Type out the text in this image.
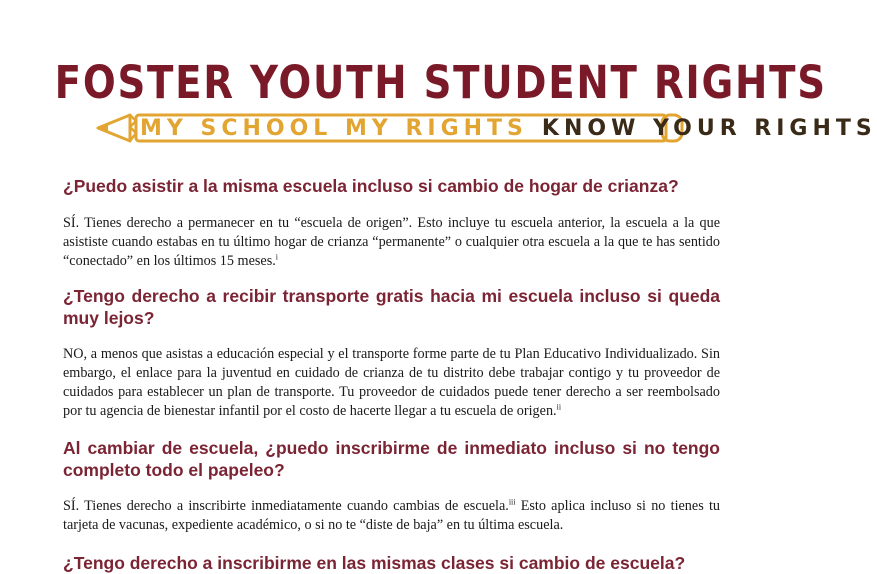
FOSTER YOUTH STUDENT RIGHTS
MY SCHOOL MY RIGHTS KNOW YOUR RIGHTS
¿Puedo asistir a la misma escuela incluso si cambio de hogar de crianza?

SÍ. Tienes derecho a permanecer en tu “escuela de origen”. Esto incluye tu escuela anterior, la escuela a la que asististe cuando estabas en tu último hogar de crianza “permanente” o cualquier otra escuela a la que te has sentido “conectado” en los últimos 15 meses.$^i$

¿Tengo derecho a recibir transporte gratis hacia mi escuela incluso si queda muy lejos?

NO, a menos que asistas a educación especial y el transporte forme parte de tu Plan Educativo Individualizado. Sin embargo, el enlace para la juventud en cuidado de crianza de tu distrito debe trabajar contigo y tu proveedor de cuidados para establecer un plan de transporte. Tu proveedor de cuidados puede tener derecho a ser reembolsado por tu agencia de bienestar infantil por el costo de hacerte llegar a tu escuela de origen.$^{ii}$

Al cambiar de escuela, ¿puedo inscribirme de inmediato incluso si no tengo completo todo el papeleo?

SÍ. Tienes derecho a inscribirte inmediatamente cuando cambias de escuela.$^{iii}$ Esto aplica incluso si no tienes tu tarjeta de vacunas, expediente académico, o si no te “diste de baja” en tu última escuela.

¿Tengo derecho a inscribirme en las mismas clases si cambio de escuela?
